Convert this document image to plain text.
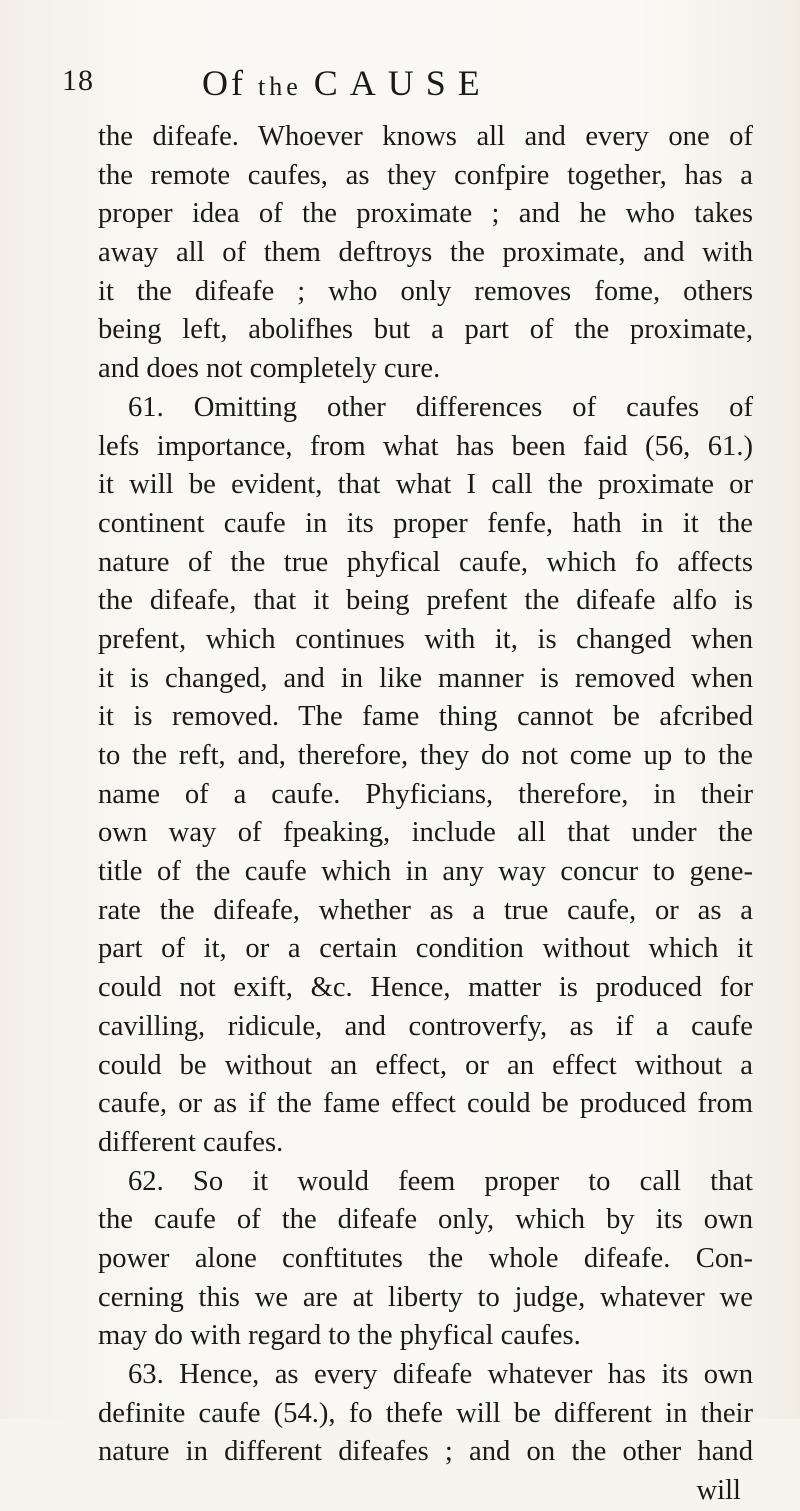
18	Of the CAUSE
the difeafe. Whoever knows all and every one of
the remote caufes, as they confpire together, has a
proper idea of the proximate ; and he who takes
away all of them deftroys the proximate, and with
it the difeafe ; who only removes fome, others
being left, abolifhes but a part of the proximate,
and does not completely cure.
61. Omitting other differences of caufes of
lefs importance, from what has been faid (56, 61.)
it will be evident, that what I call the proximate or
continent caufe in its proper fenfe, hath in it the
nature of the true phyfical caufe, which fo affects
the difeafe, that it being prefent the difeafe alfo is
prefent, which continues with it, is changed when
it is changed, and in like manner is removed when
it is removed. The fame thing cannot be afcribed
to the reft, and, therefore, they do not come up to the
name of a caufe. Phyficians, therefore, in their
own way of fpeaking, include all that under the
title of the caufe which in any way concur to gene-
rate the difeafe, whether as a true caufe, or as a
part of it, or a certain condition without which it
could not exift, &c. Hence, matter is produced for
cavilling, ridicule, and controverfy, as if a caufe
could be without an effect, or an effect without a
caufe, or as if the fame effect could be produced from
different caufes.
62. So it would feem proper to call that
the caufe of the difeafe only, which by its own
power alone conftitutes the whole difeafe. Con-
cerning this we are at liberty to judge, whatever we
may do with regard to the phyfical caufes.
63. Hence, as every difeafe whatever has its own
definite caufe (54.), fo thefe will be different in their
nature in different difeafes ; and on the other hand
will
